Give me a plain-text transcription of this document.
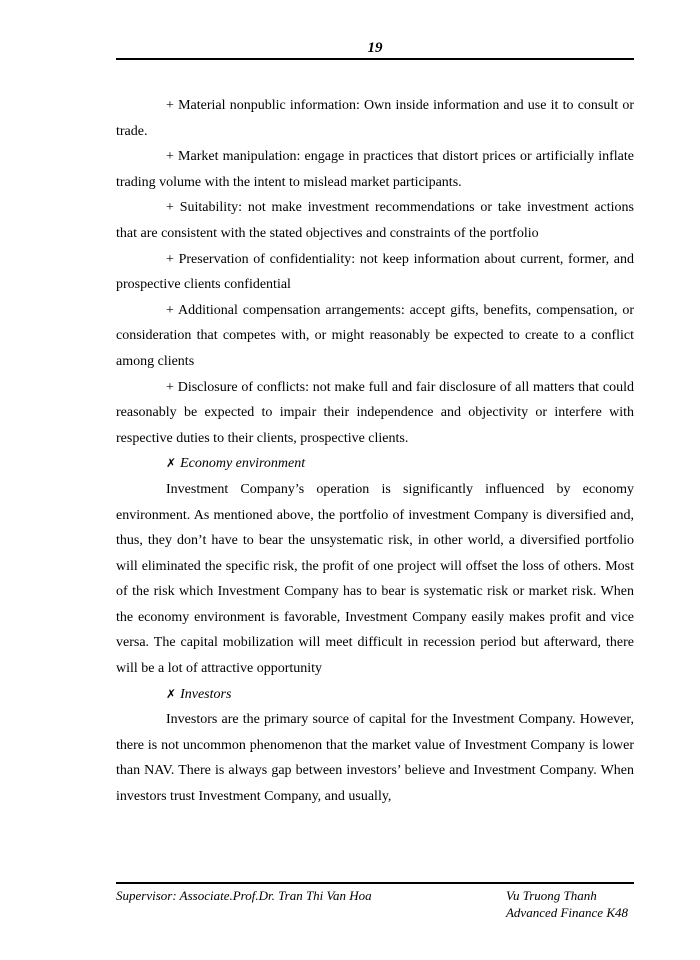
19

+ Material nonpublic information: Own inside information and use it to consult or trade.

+ Market manipulation: engage in practices that distort prices or artificially inflate trading volume with the intent to mislead market participants.

+ Suitability: not make investment recommendations or take investment actions that are consistent with the stated objectives and constraints of the portfolio

+ Preservation of confidentiality: not keep information about current, former, and prospective clients confidential

+ Additional compensation arrangements: accept gifts, benefits, compensation, or consideration that competes with, or might reasonably be expected to create to a conflict among clients

+ Disclosure of conflicts: not make full and fair disclosure of all matters that could reasonably be expected to impair their independence and objectivity or interfere with respective duties to their clients, prospective clients.

✗ Economy environment

Investment Company’s operation is significantly influenced by economy environment. As mentioned above, the portfolio of investment Company is diversified and, thus, they don’t have to bear the unsystematic risk, in other world, a diversified portfolio will eliminated the specific risk, the profit of one project will offset the loss of others. Most of the risk which Investment Company has to bear is systematic risk or market risk. When the economy environment is favorable, Investment Company easily makes profit and vice versa. The capital mobilization will meet difficult in recession period but afterward, there will be a lot of attractive opportunity

✗ Investors

Investors are the primary source of capital for the Investment Company. However, there is not uncommon phenomenon that the market value of Investment Company is lower than NAV. There is always gap between investors’ believe and Investment Company. When investors trust Investment Company, and usually,

Supervisor: Associate.Prof.Dr. Tran Thi Van Hoa	Vu Truong Thanh
Advanced Finance K48
